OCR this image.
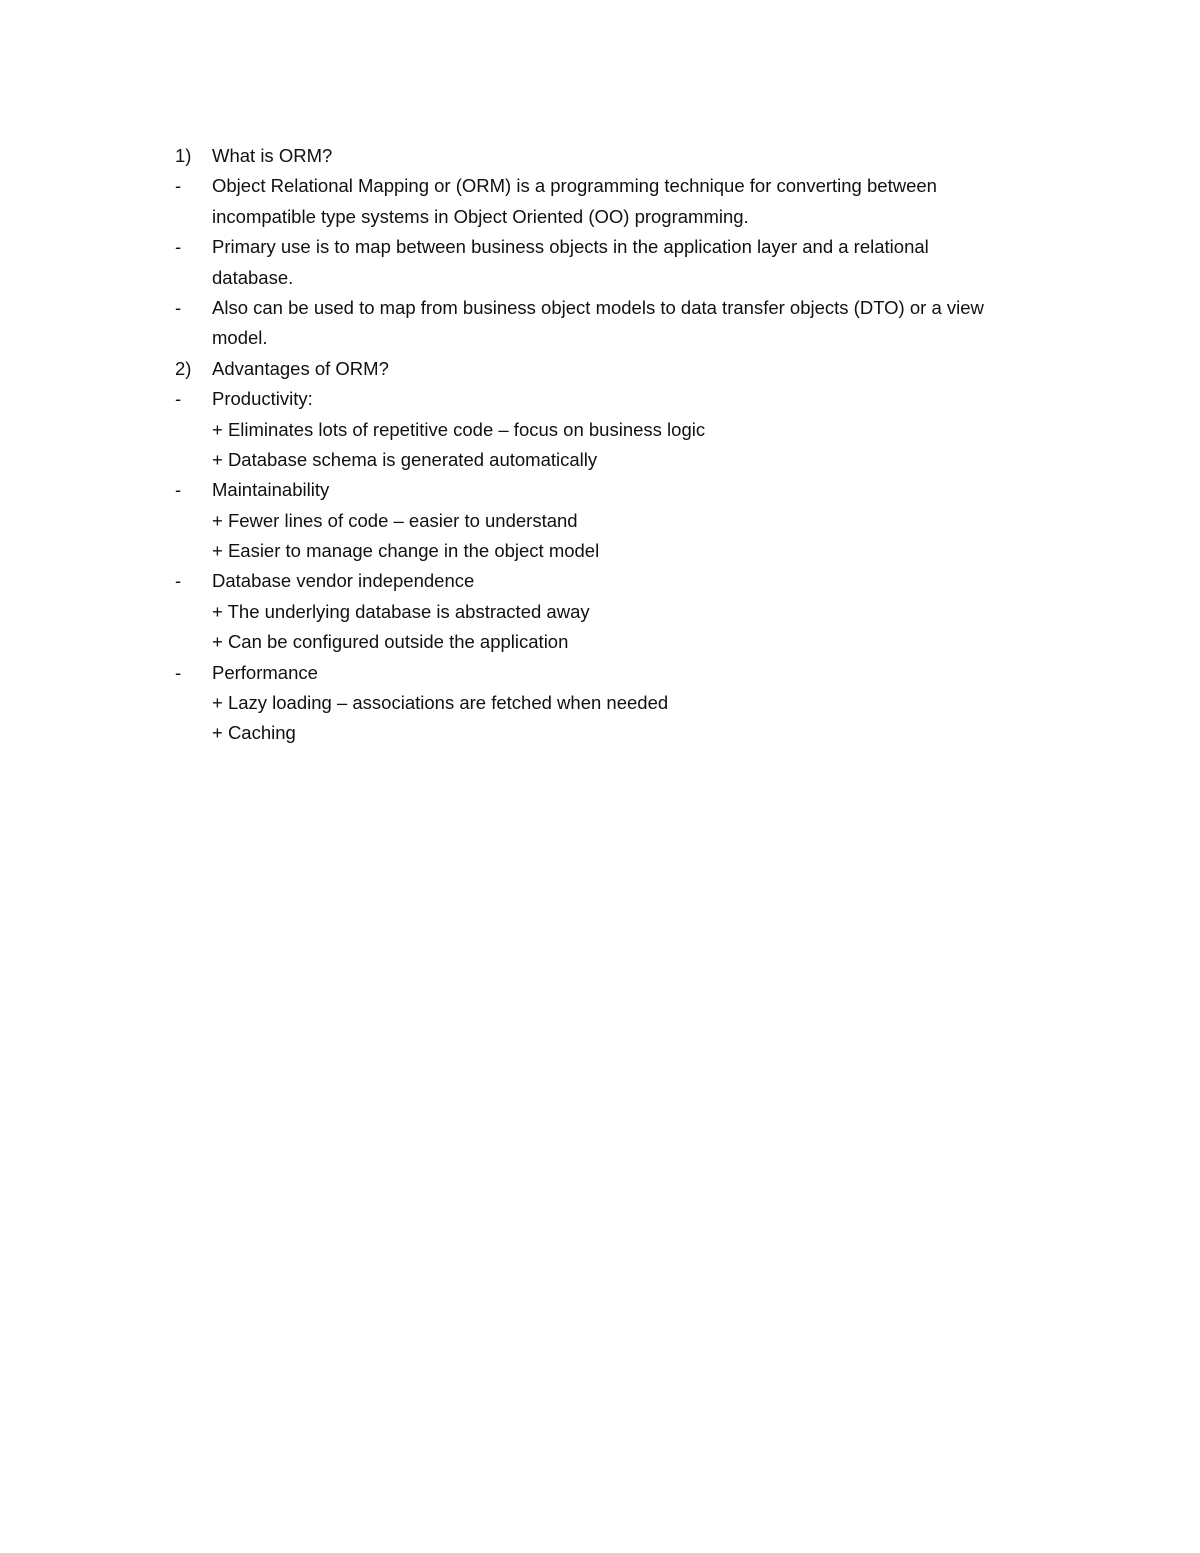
1)	What is ORM?
-	Object Relational Mapping or (ORM) is a programming technique for converting between
incompatible type systems in Object Oriented (OO) programming.
-	Primary use is to map between business objects in the application layer and a relational
database.
-	Also can be used to map from business object models to data transfer objects (DTO) or a view
model.
2)	Advantages of ORM?
-	Productivity:
+ Eliminates lots of repetitive code – focus on business logic
+ Database schema is generated automatically
-	Maintainability
+ Fewer lines of code – easier to understand
+ Easier to manage change in the object model
-	Database vendor independence
+ The underlying database is abstracted away
+ Can be configured outside the application
-	Performance
+ Lazy loading – associations are fetched when needed
+ Caching
